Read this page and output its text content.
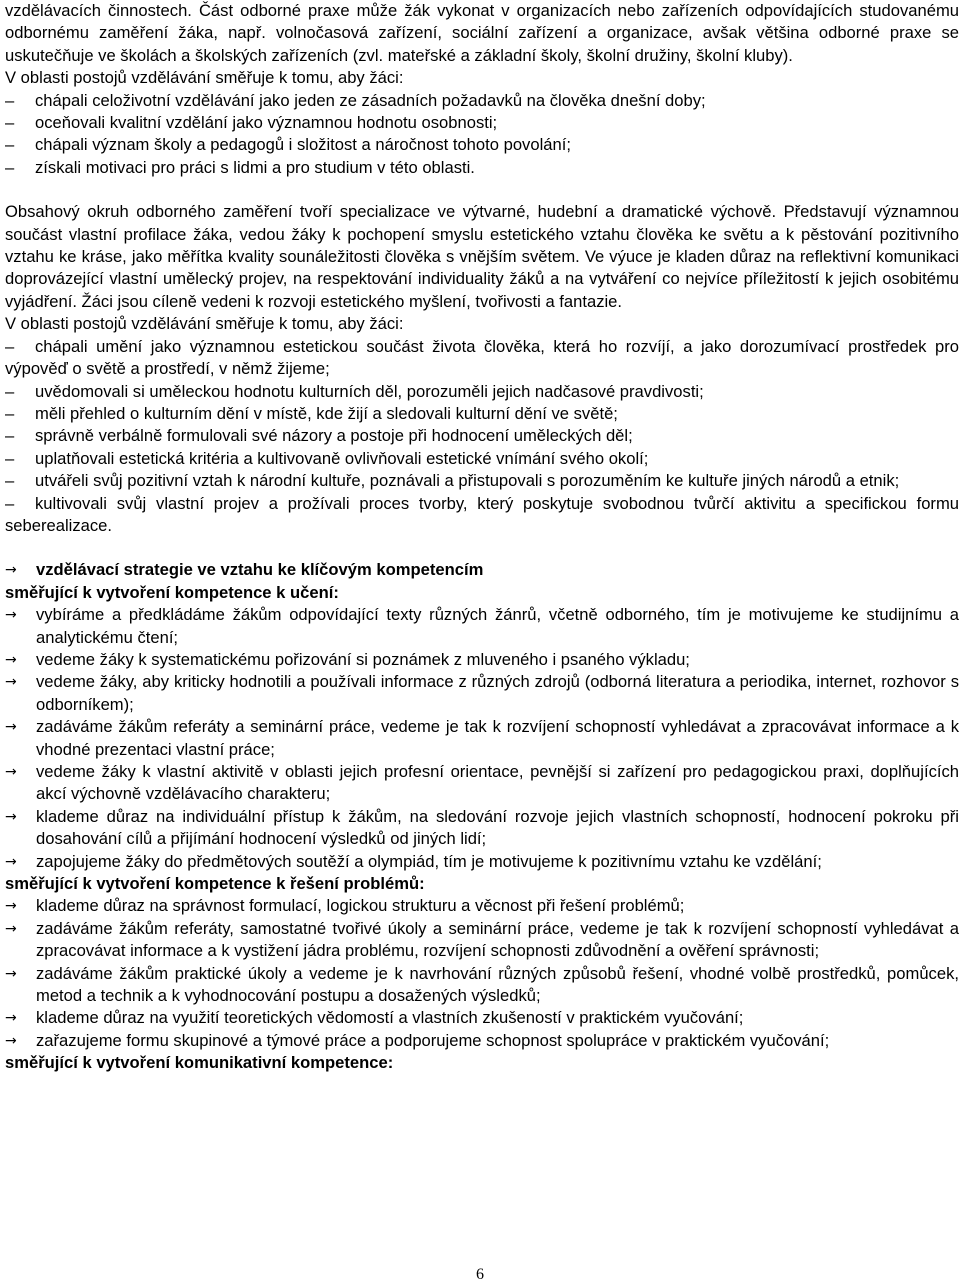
vzdělávacích činnostech. Část odborné praxe může žák vykonat v organizacích nebo zařízeních odpovídajících studovanému odbornému zaměření žáka, např. volnočasová zařízení, sociální zařízení a organizace, avšak většina odborné praxe se uskutečňuje ve školách a školských zařízeních (zvl. mateřské a základní školy, školní družiny, školní kluby).

V oblasti postojů vzdělávání směřuje k tomu, aby žáci:

– chápali celoživotní vzdělávání jako jeden ze zásadních požadavků na člověka dnešní doby;
– oceňovali kvalitní vzdělání jako významnou hodnotu osobnosti;
– chápali význam školy a pedagogů i složitost a náročnost tohoto povolání;
– získali motivaci pro práci s lidmi a pro studium v této oblasti.

Obsahový okruh odborného zaměření tvoří specializace ve výtvarné, hudební a dramatické výchově. Představují významnou součást vlastní profilace žáka, vedou žáky k pochopení smyslu estetického vztahu člověka ke světu a k pěstování pozitivního vztahu ke kráse, jako měřítka kvality sounáležitosti člověka s vnějším světem. Ve výuce je kladen důraz na reflektivní komunikaci doprovázející vlastní umělecký projev, na respektování individuality žáků a na vytváření co nejvíce příležitostí k jejich osobitému vyjádření. Žáci jsou cíleně vedeni k rozvoji estetického myšlení, tvořivosti a fantazie.

V oblasti postojů vzdělávání směřuje k tomu, aby žáci:

– chápali umění jako významnou estetickou součást života člověka, která ho rozvíjí, a jako dorozumívací prostředek pro výpověď o světě a prostředí, v němž žijeme;
– uvědomovali si uměleckou hodnotu kulturních děl, porozuměli jejich nadčasové pravdivosti;
– měli přehled o kulturním dění v místě, kde žijí a sledovali kulturní dění ve světě;
– správně verbálně formulovali své názory a postoje při hodnocení uměleckých děl;
– uplatňovali estetická kritéria a kultivovaně ovlivňovali estetické vnímání svého okolí;
– utvářeli svůj pozitivní vztah k národní kultuře, poznávali a přistupovali s porozuměním ke kultuře jiných národů a etnik;
– kultivovali svůj vlastní projev a prožívali proces tvorby, který poskytuje svobodnou tvůrčí aktivitu a specifickou formu seberealizace.
→ vzdělávací strategie ve vztahu ke klíčovým kompetencím

směřující k vytvoření kompetence k učení:

→	vybíráme a předkládáme žákům odpovídající texty různých žánrů, včetně odborného, tím je motivujeme ke studijnímu a analytickému čtení;
→	vedeme žáky k systematickému pořizování si poznámek z mluveného i psaného výkladu;
→	vedeme žáky, aby kriticky hodnotili a používali informace z různých zdrojů (odborná literatura a periodika, internet, rozhovor s odborníkem);
→	zadáváme žákům referáty a seminární práce, vedeme je tak k rozvíjení schopností vyhledávat a zpracovávat informace a k vhodné prezentaci vlastní práce;
→	vedeme žáky k vlastní aktivitě v oblasti jejich profesní orientace, pevnější si zařízení pro pedagogickou praxi, doplňujících akcí výchovně vzdělávacího charakteru;
→	klademe důraz na individuální přístup k žákům, na sledování rozvoje jejich vlastních schopností, hodnocení pokroku při dosahování cílů a přijímání hodnocení výsledků od jiných lidí;
→	zapojujeme žáky do předmětových soutěží a olympiád, tím je motivujeme k pozitivnímu vztahu ke vzdělání;

směřující k vytvoření kompetence k řešení problémů:

→	klademe důraz na správnost formulací, logickou strukturu a věcnost při řešení problémů;
→	zadáváme žákům referáty, samostatné tvořivé úkoly a seminární práce, vedeme je tak k rozvíjení schopností vyhledávat a zpracovávat informace a k vystižení jádra problému, rozvíjení schopnosti zdůvodnění a ověření správnosti;
→	zadáváme žákům praktické úkoly a vedeme je k navrhování různých způsobů řešení, vhodné volbě prostředků, pomůcek, metod a technik a k vyhodnocování postupu a dosažených výsledků;
→	klademe důraz na využití teoretických vědomostí a vlastních zkušeností v praktickém vyučování;
→	zařazujeme formu skupinové a týmové práce a podporujeme schopnost spolupráce v praktickém vyučování;

směřující k vytvoření komunikativní kompetence:

6
